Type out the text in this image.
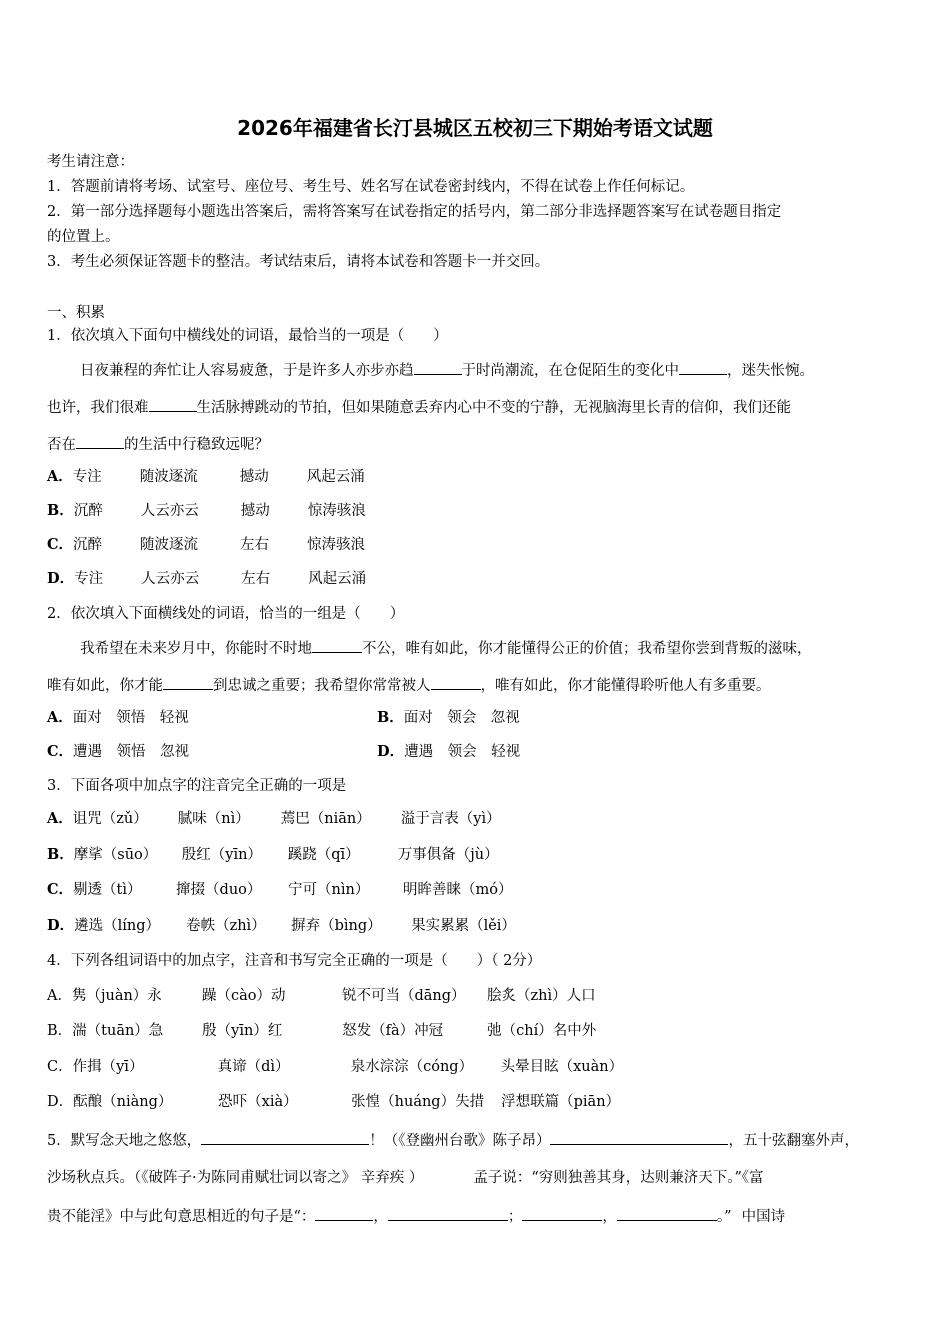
2026年福建省长汀县城区五校初三下期始考语文试题
考生请注意：
1．答题前请将考场、试室号、座位号、考生号、姓名写在试卷密封线内，不得在试卷上作任何标记。
2．第一部分选择题每小题选出答案后，需将答案写在试卷指定的括号内，第二部分非选择题答案写在试卷题目指定
的位置上。
3．考生必须保证答题卡的整洁。考试结束后，请将本试卷和答题卡一并交回。
一、积累
1．依次填入下面句中横线处的词语，最恰当的一项是（　　）
日夜兼程的奔忙让人容易疲惫，于是许多人亦步亦趋	于时尚潮流，在仓促陌生的变化中	，迷失怅惋。
也许，我们很难	生活脉搏跳动的节拍，但如果随意丢弃内心中不变的宁静，无视脑海里长青的信仰，我们还能
否在	的生活中行稳致远呢？
A．专注	随波逐流	撼动	风起云涌
B．沉醉	人云亦云	撼动	惊涛骇浪
C．沉醉	随波逐流	左右	惊涛骇浪
D．专注	人云亦云	左右	风起云涌
2．依次填入下面横线处的词语，恰当的一组是（　　）
我希望在未来岁月中，你能时不时地	不公，唯有如此，你才能懂得公正的价值；我希望你尝到背叛的滋味，
唯有如此，你才能	到忠诚之重要；我希望你常常被人	，唯有如此，你才能懂得聆听他人有多重要。
A．面对　领悟　轻视	B．面对　领会　忽视
C．遭遇　领悟　忽视	D．遭遇　领会　轻视
3．下面各项中加点字的注音完全正确的一项是
A．诅咒（zǔ） 腻味（nì） 蔫巴（niān） 溢于言表（yì）
B．摩挲（sūo） 殷红（yīn） 蹊跷（qī）	万事俱备（jù）
C．剔透（tì） 撺掇（duo） 宁可（nìn） 明眸善睐（mó）
D．遴选（líng） 卷帙（zhì） 摒弃（bìng） 果实累累（lěi）
4．下列各组词语中的加点字，注音和书写完全正确的一项是（　　）（ 2分）
A．隽（juàn）永	躁（cào）动	锐不可当（dāng） 脍炙（zhì）人口
B．湍（tuān）急	殷（yīn）红	怒发（fà）冲冠	弛（chí）名中外
C．作揖（yī）	真谛（dì）	泉水淙淙（cóng） 头晕目眩（xuàn）
D．酝酿（niàng）	恐吓（xià）	张惶（huáng）失措 浮想联篇（piān）
5．默写念天地之悠悠，	！（《登幽州台歌》陈子昂）	，五十弦翻塞外声，
沙场秋点兵。（《破阵子·为陈同甫赋壮词以寄之》 辛弃疾 ）	孟子说：“穷则独善其身，达则兼济天下。”《富
贵不能淫》中与此句意思相近的句子是“：	，	；	，	。” 中国诗
